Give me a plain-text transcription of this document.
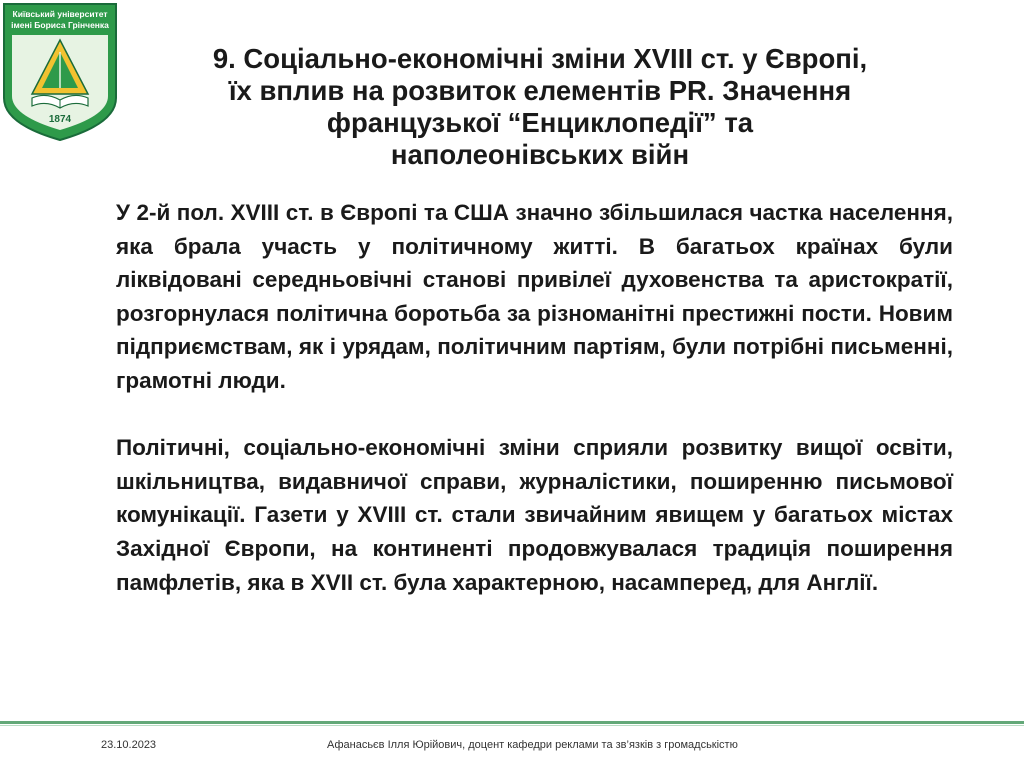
Київський університет
імені Бориса Грінченка
1874
9. Соціально-економічні зміни XVIII ст. у Європі,
їх вплив на розвиток елементів PR. Значення
французької “Енциклопедії” та
наполеонівських війн

У 2-й пол. XVIII ст. в Європі та США значно збільшилася частка населення, яка брала участь у політичному житті. В багатьох країнах були ліквідовані середньовічні станові привілеї духовенства та аристократії, розгорнулася політична боротьба за різноманітні престижні пости. Новим підприємствам, як і урядам, політичним партіям, були потрібні письменні, грамотні люди.

Політичні, соціально-економічні зміни сприяли розвитку вищої освіти, шкільництва, видавничої справи, журналістики, поширенню письмової комунікації. Газети у XVIII ст. стали звичайним явищем у багатьох містах Західної Європи, на континенті продовжувалася традиція поширення памфлетів, яка в XVII ст. була характерною, насамперед, для Англії.

23.10.2023	Афанасьєв Ілля Юрійович, доцент кафедри реклами та зв’язків з громадськістю
